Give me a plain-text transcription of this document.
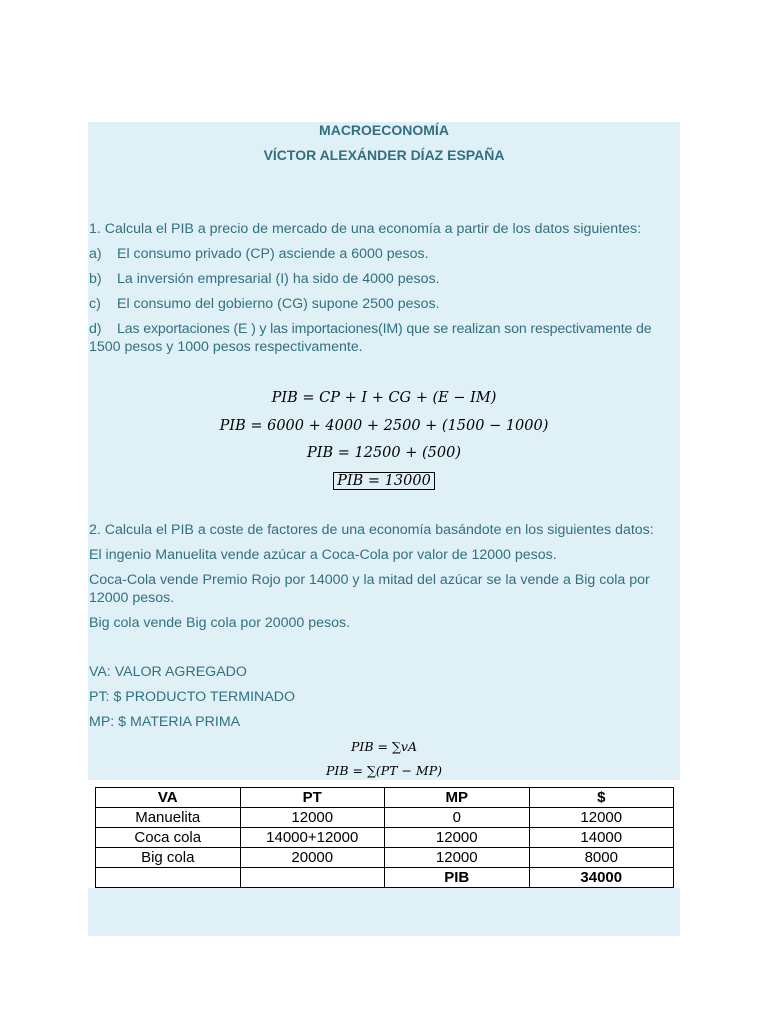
MACROECONOMÍA
VÍCTOR ALEXÁNDER DÍAZ ESPAÑA
1. Calcula el PIB a precio de mercado de una economía a partir de los datos siguientes:
a) El consumo privado (CP) asciende a 6000 pesos.
b) La inversión empresarial (I) ha sido de 4000 pesos.
c) El consumo del gobierno (CG) supone 2500 pesos.
d) Las exportaciones (E ) y las importaciones(IM) que se realizan son respectivamente de
1500 pesos y 1000 pesos respectivamente.
PIB = CP + I + CG + (E − IM)
PIB = 6000 + 4000 + 2500 + (1500 − 1000)
PIB = 12500 + (500)
PIB = 13000
2. Calcula el PIB a coste de factores de una economía basándote en los siguientes datos:
El ingenio Manuelita vende azúcar a Coca-Cola por valor de 12000 pesos.
Coca-Cola vende Premio Rojo por 14000 y la mitad del azúcar se la vende a Big cola por
12000 pesos.
Big cola vende Big cola por 20000 pesos.
VA: VALOR AGREGADO
PT: $ PRODUCTO TERMINADO
MP: $ MATERIA PRIMA
PIB = ∑vA
PIB = ∑(PT − MP)
VA	PT	MP	$
Manuelita	12000	0	12000
Coca cola	14000+12000	12000	14000
Big cola	20000	12000	8000
		PIB	34000
